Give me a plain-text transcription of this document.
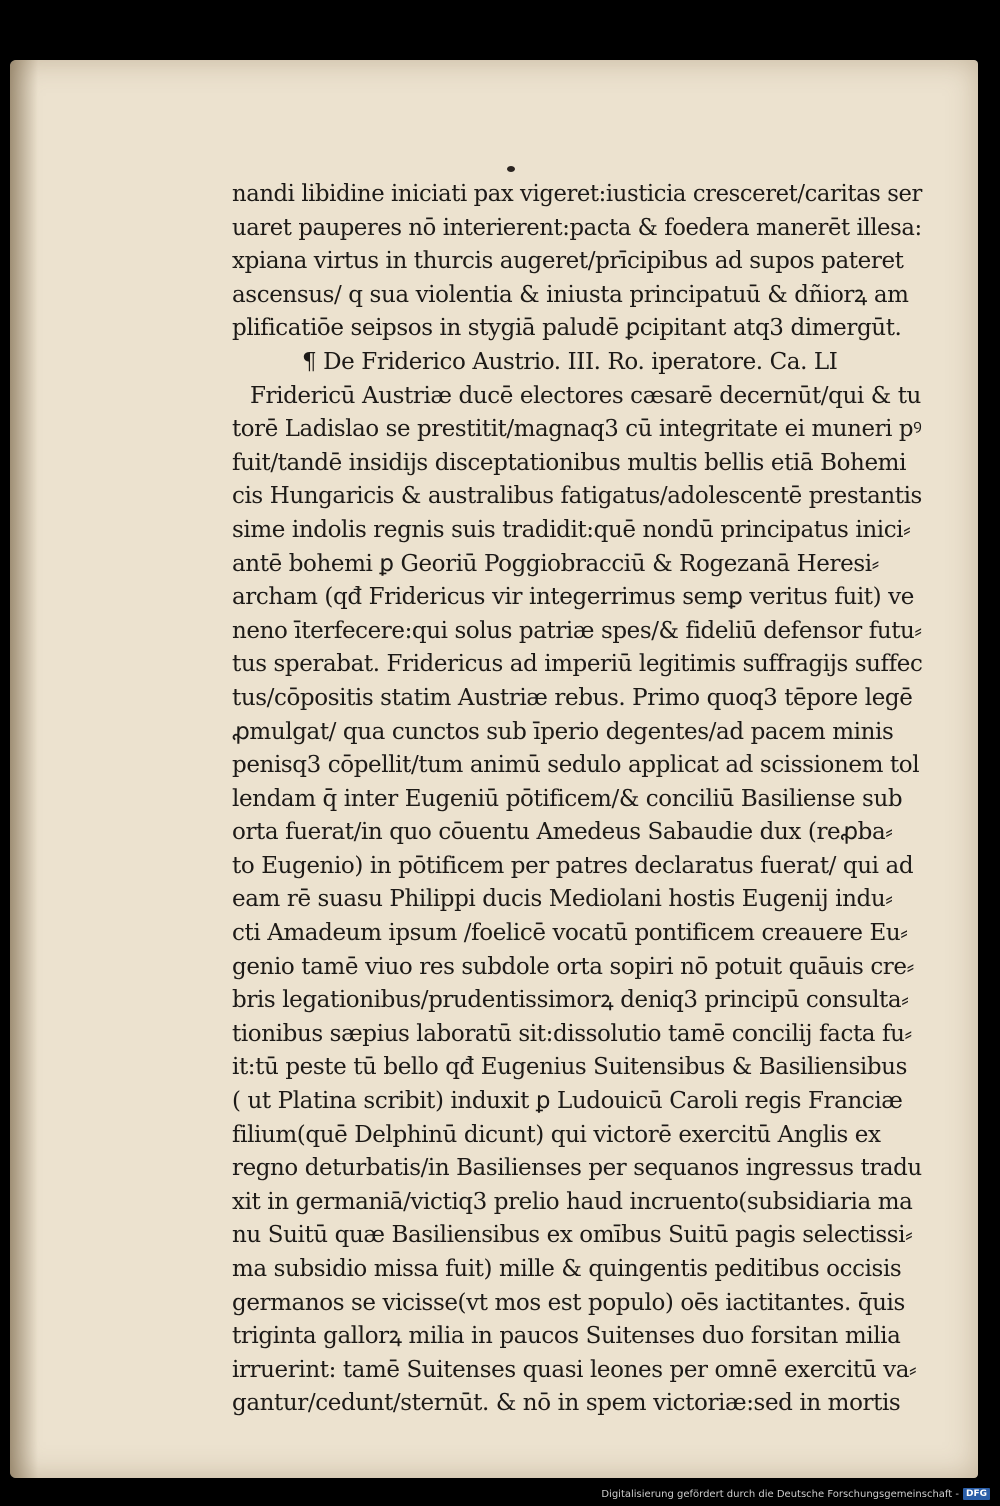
nandi libidine iniciati pax vigeret:iusticia cresceret/caritas ser
uaret pauperes nō interierent:pacta & foedera manerēt illesa:
xpiana virtus in thurcis augeret/prīcipibus ad supos pateret
ascensus/ q sua violentia & iniusta principatuū & dñiorꝝ am
plificatiōe seipsos in stygiā paludē ꝑcipitant atq3 dimergūt.
¶ De Friderico Austrio. III. Ro. iperatore. Ca. LI
Fridericū Austriæ ducē electores cæsarē decernūt/qui & tu
torē Ladislao se prestitit/magnaq3 cū integritate ei muneri pꝰ
fuit/tandē insidijs disceptationibus multis bellis etiā Bohemi
cis Hungaricis & australibus fatigatus/adolescentē prestantis
sime indolis regnis suis tradidit:quē nondū principatus inici⸗
antē bohemi ꝑ Georiū Poggiobracciū & Rogezanā Heresi⸗
archam (qđ Fridericus vir integerrimus semꝑ veritus fuit) ve
neno īterfecere:qui solus patriæ spes/& fideliū defensor futu⸗
tus sperabat. Fridericus ad imperiū legitimis suffragijs suffec
tus/cōpositis statim Austriæ rebus. Primo quoq3 tēpore legē
ꝓmulgat/ qua cunctos sub īperio degentes/ad pacem minis
penisq3 cōpellit/tum animū sedulo applicat ad scissionem tol
lendam q̄ inter Eugeniū pōtificem/& conciliū Basiliense sub
orta fuerat/in quo cōuentu Amedeus Sabaudie dux (reꝓba⸗
to Eugenio) in pōtificem per patres declaratus fuerat/ qui ad
eam rē suasu Philippi ducis Mediolani hostis Eugenij indu⸗
cti Amadeum ipsum /foelicē vocatū pontificem creauere Eu⸗
genio tamē viuo res subdole orta sopiri nō potuit quāuis cre⸗
bris legationibus/prudentissimorꝝ deniq3 principū consulta⸗
tionibus sæpius laboratū sit:dissolutio tamē concilij facta fu⸗
it:tū peste tū bello qđ Eugenius Suitensibus & Basiliensibus
( ut Platina scribit) induxit ꝑ Ludouicū Caroli regis Franciæ
filium(quē Delphinū dicunt) qui victorē exercitū Anglis ex
regno deturbatis/in Basilienses per sequanos ingressus tradu
xit in germaniā/victiq3 prelio haud incruento(subsidiaria ma
nu Suitū quæ Basiliensibus ex omībus Suitū pagis selectissi⸗
ma subsidio missa fuit) mille & quingentis peditibus occisis
germanos se vicisse(vt mos est populo) oēs iactitantes. q̄uis
triginta gallorꝝ milia in paucos Suitenses duo forsitan milia
irruerint: tamē Suitenses quasi leones per omnē exercitū va⸗
gantur/cedunt/sternūt. & nō in spem victoriæ:sed in mortis
Digitalisierung gefördert durch die Deutsche Forschungsgemeinschaft - DFG
